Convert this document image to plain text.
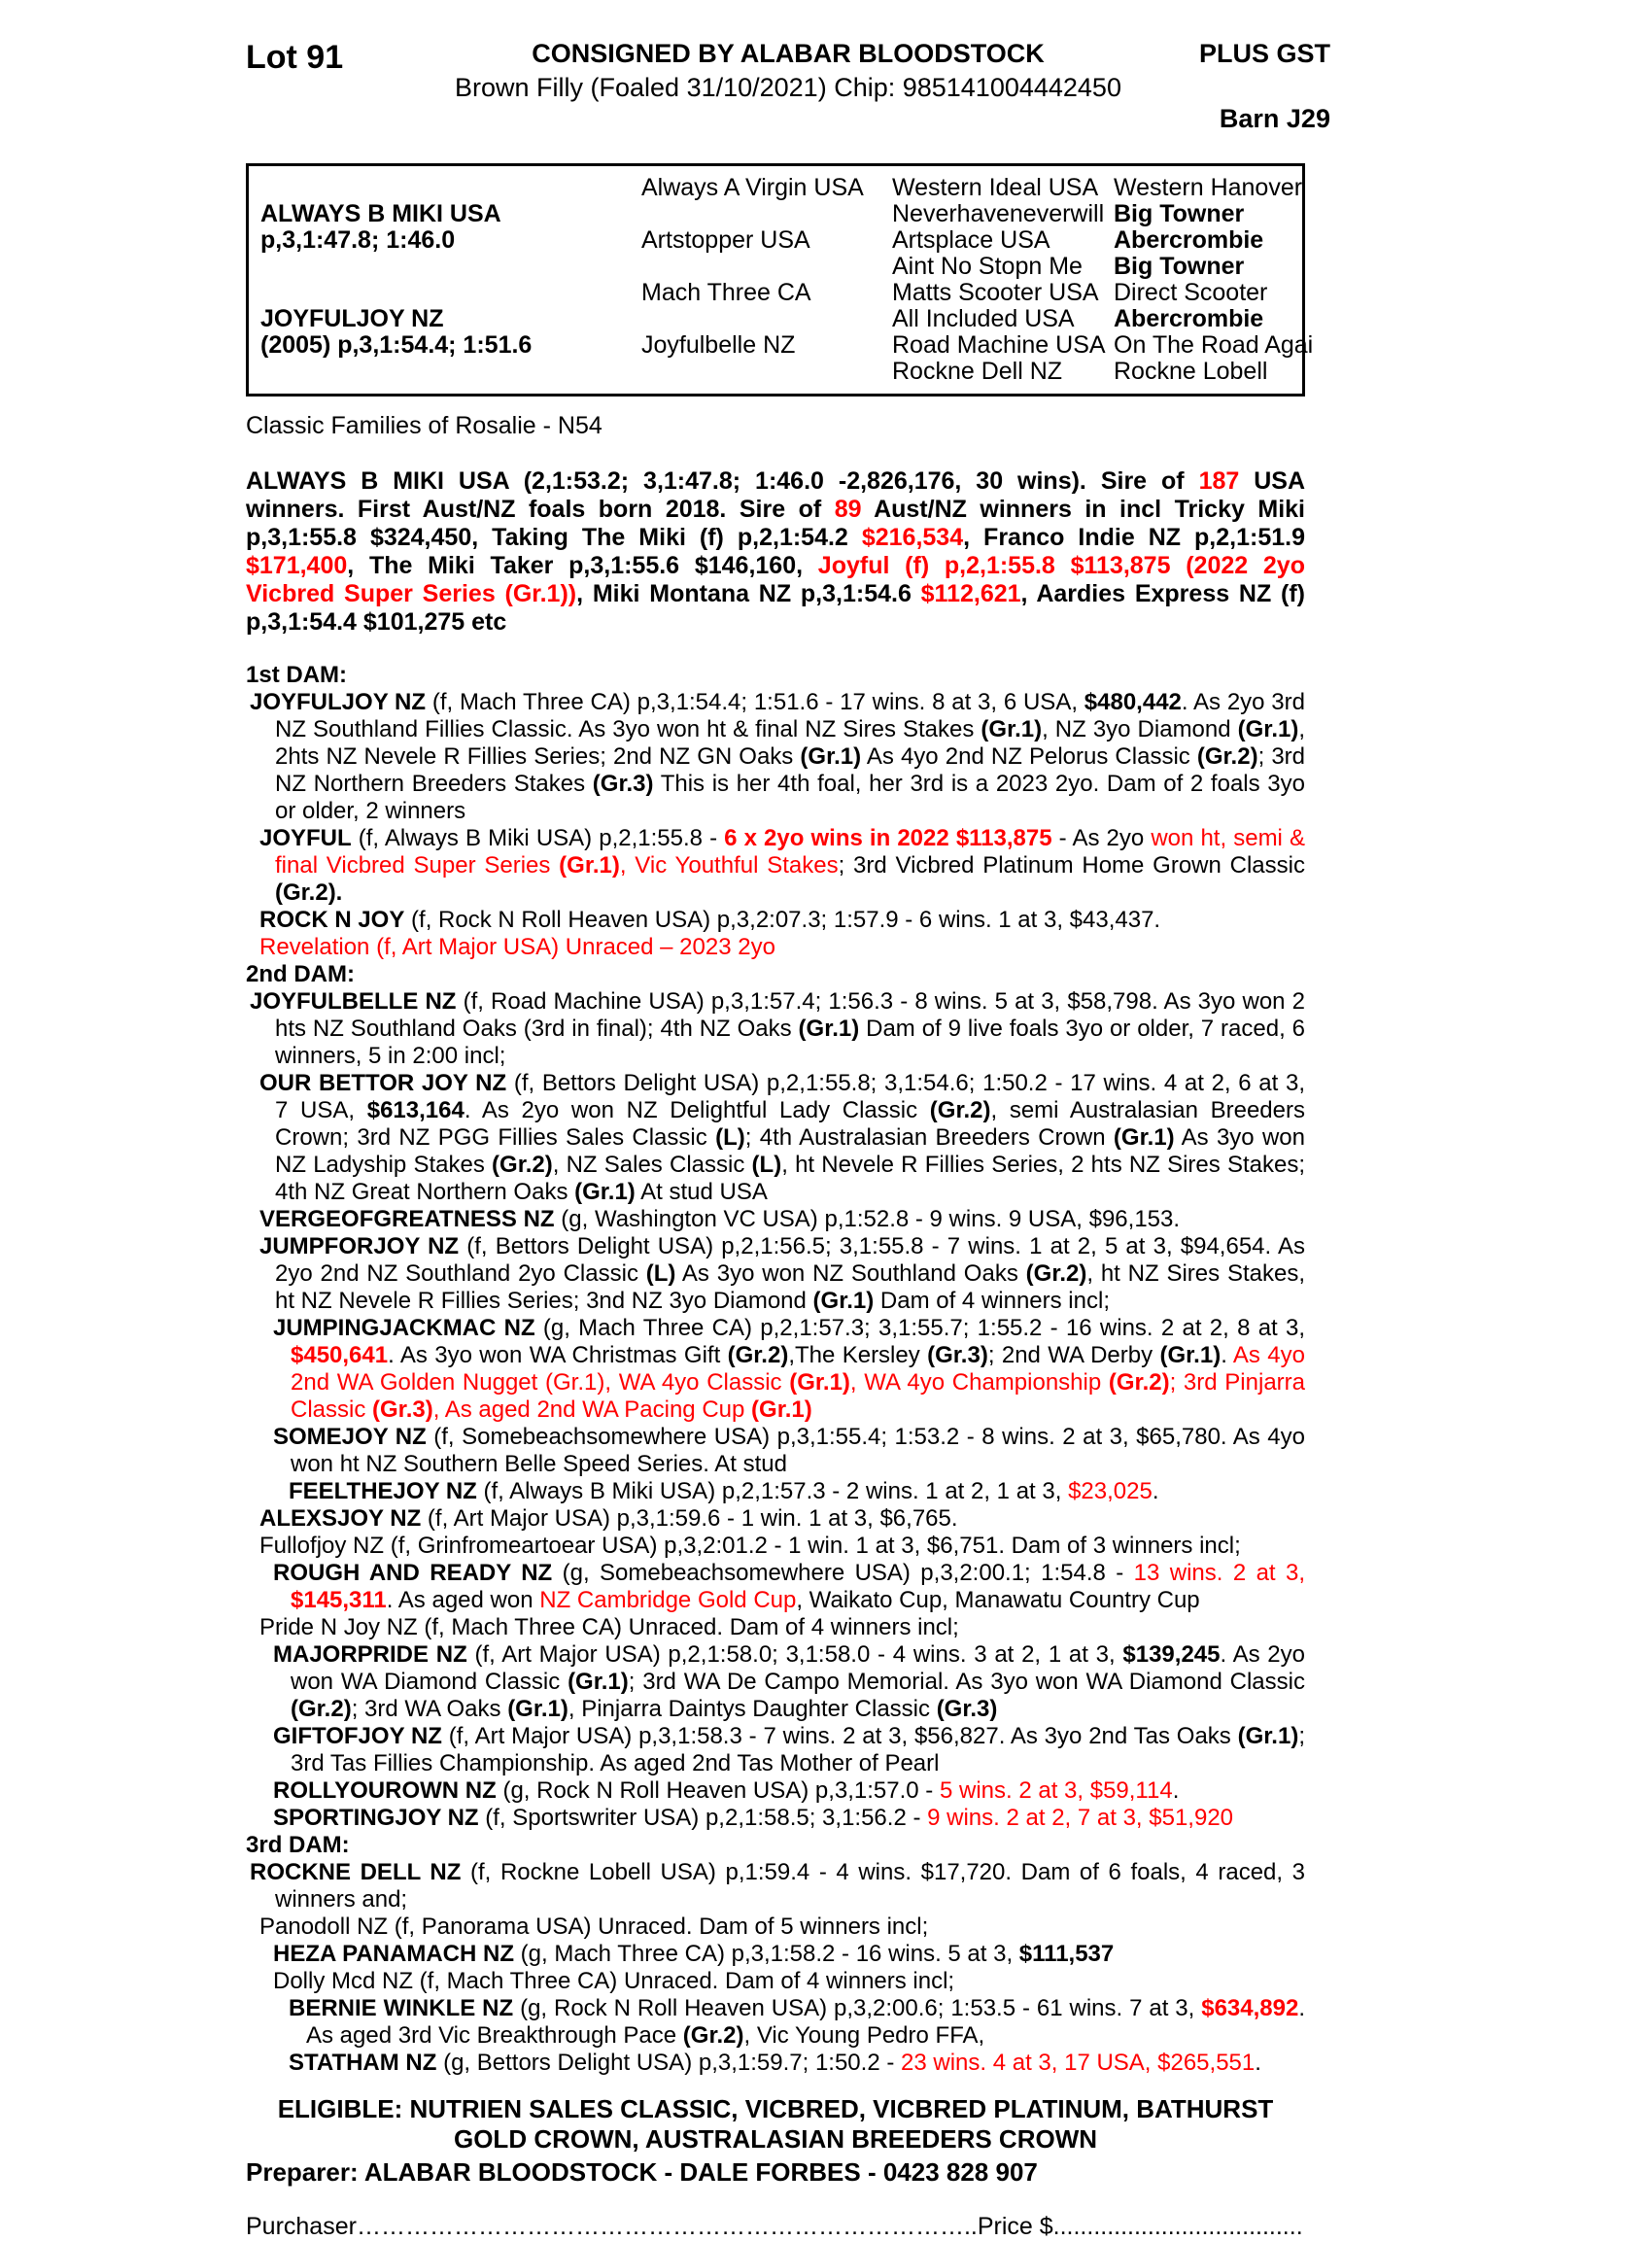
Lot 91	CONSIGNED BY ALABAR BLOODSTOCK
Brown Filly (Foaled 31/10/2021) Chip: 985141004442450
PLUS GST
Barn J29
ALWAYS B MIKI USA
p,3,1:47.8; 1:46.0
JOYFULJOY NZ
(2005) p,3,1:54.4; 1:51.6
Always A Virgin USA
Artstopper USA
Mach Three CA
Joyfulbelle NZ
Western Ideal USA
Neverhaveneverwill
Artsplace USA
Aint No Stopn Me
Matts Scooter USA
All Included USA
Road Machine USA
Rockne Dell NZ
Western Hanover
Big Towner
Abercrombie
Big Towner
Direct Scooter
Abercrombie
On The Road Agai
Rockne Lobell
Classic Families of Rosalie - N54
ALWAYS B MIKI USA (2,1:53.2; 3,1:47.8; 1:46.0 -2,826,176, 30 wins). Sire of 187 USA winners. First Aust/NZ foals born 2018. Sire of 89 Aust/NZ winners in incl Tricky Miki p,3,1:55.8 $324,450, Taking The Miki (f) p,2,1:54.2 $216,534, Franco Indie NZ p,2,1:51.9 $171,400, The Miki Taker p,3,1:55.6 $146,160, Joyful (f) p,2,1:55.8 $113,875 (2022 2yo Vicbred Super Series (Gr.1)), Miki Montana NZ p,3,1:54.6 $112,621, Aardies Express NZ (f) p,3,1:54.4 $101,275 etc
1st DAM:
JOYFULJOY NZ (f, Mach Three CA) p,3,1:54.4; 1:51.6 - 17 wins. 8 at 3, 6 USA, $480,442. As 2yo 3rd NZ Southland Fillies Classic. As 3yo won ht & final NZ Sires Stakes (Gr.1), NZ 3yo Diamond (Gr.1), 2hts NZ Nevele R Fillies Series; 2nd NZ GN Oaks (Gr.1) As 4yo 2nd NZ Pelorus Classic (Gr.2); 3rd NZ Northern Breeders Stakes (Gr.3) This is her 4th foal, her 3rd is a 2023 2yo. Dam of 2 foals 3yo or older, 2 winners
JOYFUL (f, Always B Miki USA) p,2,1:55.8 - 6 x 2yo wins in 2022 $113,875 - As 2yo won ht, semi & final Vicbred Super Series (Gr.1), Vic Youthful Stakes; 3rd Vicbred Platinum Home Grown Classic (Gr.2).
ROCK N JOY (f, Rock N Roll Heaven USA) p,3,2:07.3; 1:57.9 - 6 wins. 1 at 3, $43,437.
Revelation (f, Art Major USA) Unraced – 2023 2yo
2nd DAM:
JOYFULBELLE NZ (f, Road Machine USA) p,3,1:57.4; 1:56.3 - 8 wins. 5 at 3, $58,798. As 3yo won 2 hts NZ Southland Oaks (3rd in final); 4th NZ Oaks (Gr.1) Dam of 9 live foals 3yo or older, 7 raced, 6 winners, 5 in 2:00 incl;
OUR BETTOR JOY NZ (f, Bettors Delight USA) p,2,1:55.8; 3,1:54.6; 1:50.2 - 17 wins. 4 at 2, 6 at 3, 7 USA, $613,164. As 2yo won NZ Delightful Lady Classic (Gr.2), semi Australasian Breeders Crown; 3rd NZ PGG Fillies Sales Classic (L); 4th Australasian Breeders Crown (Gr.1) As 3yo won NZ Ladyship Stakes (Gr.2), NZ Sales Classic (L), ht Nevele R Fillies Series, 2 hts NZ Sires Stakes; 4th NZ Great Northern Oaks (Gr.1) At stud USA
VERGEOFGREATNESS NZ (g, Washington VC USA) p,1:52.8 - 9 wins. 9 USA, $96,153.
JUMPFORJOY NZ (f, Bettors Delight USA) p,2,1:56.5; 3,1:55.8 - 7 wins. 1 at 2, 5 at 3, $94,654. As 2yo 2nd NZ Southland 2yo Classic (L) As 3yo won NZ Southland Oaks (Gr.2), ht NZ Sires Stakes, ht NZ Nevele R Fillies Series; 3nd NZ 3yo Diamond (Gr.1) Dam of 4 winners incl;
JUMPINGJACKMAC NZ (g, Mach Three CA) p,2,1:57.3; 3,1:55.7; 1:55.2 - 16 wins. 2 at 2, 8 at 3, $450,641. As 3yo won WA Christmas Gift (Gr.2),The Kersley (Gr.3); 2nd WA Derby (Gr.1). As 4yo 2nd WA Golden Nugget (Gr.1), WA 4yo Classic (Gr.1), WA 4yo Championship (Gr.2); 3rd Pinjarra Classic (Gr.3), As aged 2nd WA Pacing Cup (Gr.1)
SOMEJOY NZ (f, Somebeachsomewhere USA) p,3,1:55.4; 1:53.2 - 8 wins. 2 at 3, $65,780. As 4yo won ht NZ Southern Belle Speed Series. At stud
FEELTHEJOY NZ (f, Always B Miki USA) p,2,1:57.3 - 2 wins. 1 at 2, 1 at 3, $23,025.
ALEXSJOY NZ (f, Art Major USA) p,3,1:59.6 - 1 win. 1 at 3, $6,765.
Fullofjoy NZ (f, Grinfromeartoear USA) p,3,2:01.2 - 1 win. 1 at 3, $6,751. Dam of 3 winners incl;
ROUGH AND READY NZ (g, Somebeachsomewhere USA) p,3,2:00.1; 1:54.8 - 13 wins. 2 at 3, $145,311. As aged won NZ Cambridge Gold Cup, Waikato Cup, Manawatu Country Cup
Pride N Joy NZ (f, Mach Three CA) Unraced. Dam of 4 winners incl;
MAJORPRIDE NZ (f, Art Major USA) p,2,1:58.0; 3,1:58.0 - 4 wins. 3 at 2, 1 at 3, $139,245. As 2yo won WA Diamond Classic (Gr.1); 3rd WA De Campo Memorial. As 3yo won WA Diamond Classic (Gr.2); 3rd WA Oaks (Gr.1), Pinjarra Daintys Daughter Classic (Gr.3)
GIFTOFJOY NZ (f, Art Major USA) p,3,1:58.3 - 7 wins. 2 at 3, $56,827. As 3yo 2nd Tas Oaks (Gr.1); 3rd Tas Fillies Championship. As aged 2nd Tas Mother of Pearl
ROLLYOUROWN NZ (g, Rock N Roll Heaven USA) p,3,1:57.0 - 5 wins. 2 at 3, $59,114.
SPORTINGJOY NZ (f, Sportswriter USA) p,2,1:58.5; 3,1:56.2 - 9 wins. 2 at 2, 7 at 3, $51,920
3rd DAM:
ROCKNE DELL NZ (f, Rockne Lobell USA) p,1:59.4 - 4 wins. $17,720. Dam of 6 foals, 4 raced, 3 winners and;
Panodoll NZ (f, Panorama USA) Unraced. Dam of 5 winners incl;
HEZA PANAMACH NZ (g, Mach Three CA) p,3,1:58.2 - 16 wins. 5 at 3, $111,537
Dolly Mcd NZ (f, Mach Three CA) Unraced. Dam of 4 winners incl;
BERNIE WINKLE NZ (g, Rock N Roll Heaven USA) p,3,2:00.6; 1:53.5 - 61 wins. 7 at 3, $634,892. As aged 3rd Vic Breakthrough Pace (Gr.2), Vic Young Pedro FFA,
STATHAM NZ (g, Bettors Delight USA) p,3,1:59.7; 1:50.2 - 23 wins. 4 at 3, 17 USA, $265,551.
ELIGIBLE: NUTRIEN SALES CLASSIC, VICBRED, VICBRED PLATINUM, BATHURST
GOLD CROWN, AUSTRALASIAN BREEDERS CROWN
Preparer: ALABAR BLOODSTOCK - DALE FORBES - 0423 828 907
Purchaser…………………………………………………………………..Price $.....................................
